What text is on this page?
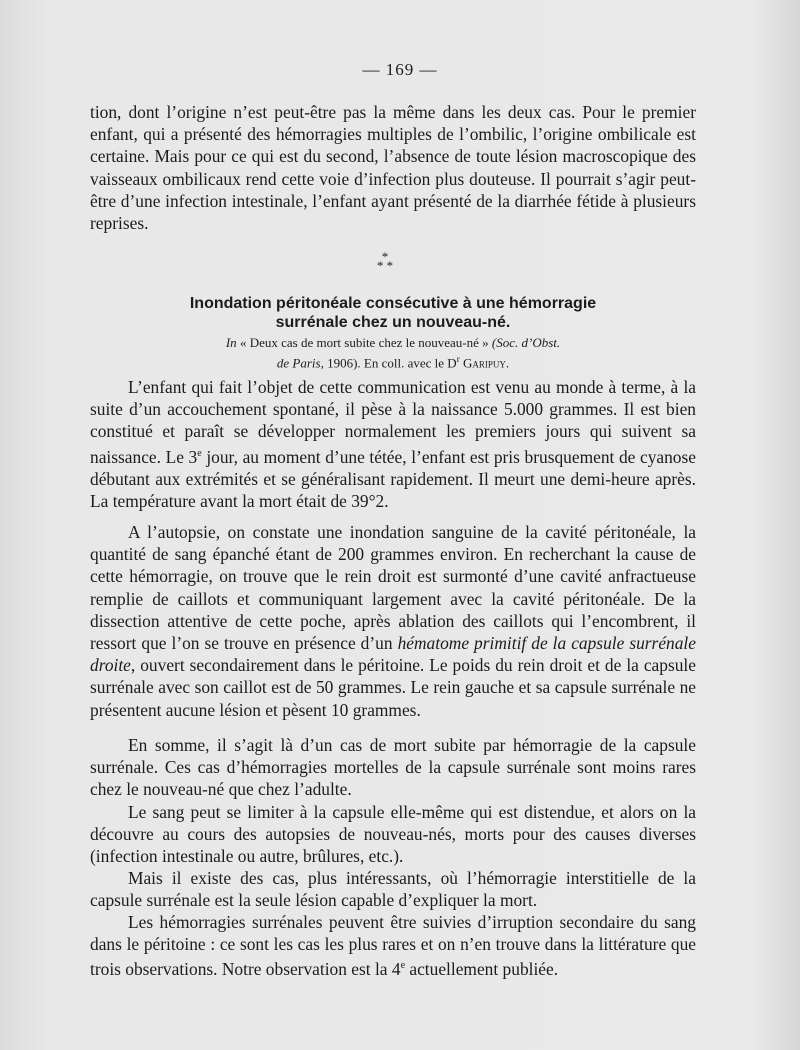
— 169 —

tion, dont l’origine n’est peut-être pas la même dans les deux cas. Pour le premier enfant, qui a présenté des hémorragies multiples de l’ombilic, l’origine ombilicale est certaine. Mais pour ce qui est du second, l’absence de toute lésion macroscopique des vaisseaux ombilicaux rend cette voie d’infection plus douteuse. Il pourrait s’agir peut-être d’une infection intestinale, l’enfant ayant présenté de la diarrhée fétide à plusieurs reprises.

*
* *
Inondation péritonéale consécutive à une hémorragie
surrénale chez un nouveau-né.
In « Deux cas de mort subite chez le nouveau-né » (Soc. d’Obst.
de Paris, 1906). En coll. avec le $D^r$ Garipuy.

L’enfant qui fait l’objet de cette communication est venu au monde à terme, à la suite d’un accouchement spontané, il pèse à la naissance 5.000 grammes. Il est bien constitué et paraît se développer normalement les premiers jours qui suivent sa naissance. Le 3e jour, au moment d’une tétée, l’enfant est pris brusquement de cyanose débutant aux extrémités et se généralisant rapidement. Il meurt une demi-heure après. La température avant la mort était de 39°2.

A l’autopsie, on constate une inondation sanguine de la cavité péritonéale, la quantité de sang épanché étant de 200 grammes environ. En recherchant la cause de cette hémorragie, on trouve que le rein droit est surmonté d’une cavité anfractueuse remplie de caillots et communiquant largement avec la cavité péritonéale. De la dissection attentive de cette poche, après ablation des caillots qui l’encombrent, il ressort que l’on se trouve en présence d’un hématome primitif de la capsule surrénale droite, ouvert secondairement dans le péritoine. Le poids du rein droit et de la capsule surrénale avec son caillot est de 50 grammes. Le rein gauche et sa capsule surrénale ne présentent aucune lésion et pèsent 10 grammes.

En somme, il s’agit là d’un cas de mort subite par hémorragie de la capsule surrénale. Ces cas d’hémorragies mortelles de la capsule surrénale sont moins rares chez le nouveau-né que chez l’adulte.

Le sang peut se limiter à la capsule elle-même qui est distendue, et alors on la découvre au cours des autopsies de nouveau-nés, morts pour des causes diverses (infection intestinale ou autre, brûlures, etc.).

Mais il existe des cas, plus intéressants, où l’hémorragie interstitielle de la capsule surrénale est la seule lésion capable d’expliquer la mort.

Les hémorragies surrénales peuvent être suivies d’irruption secondaire du sang dans le péritoine : ce sont les cas les plus rares et on n’en trouve dans la littérature que trois observations. Notre observation est la 4e actuellement publiée.
